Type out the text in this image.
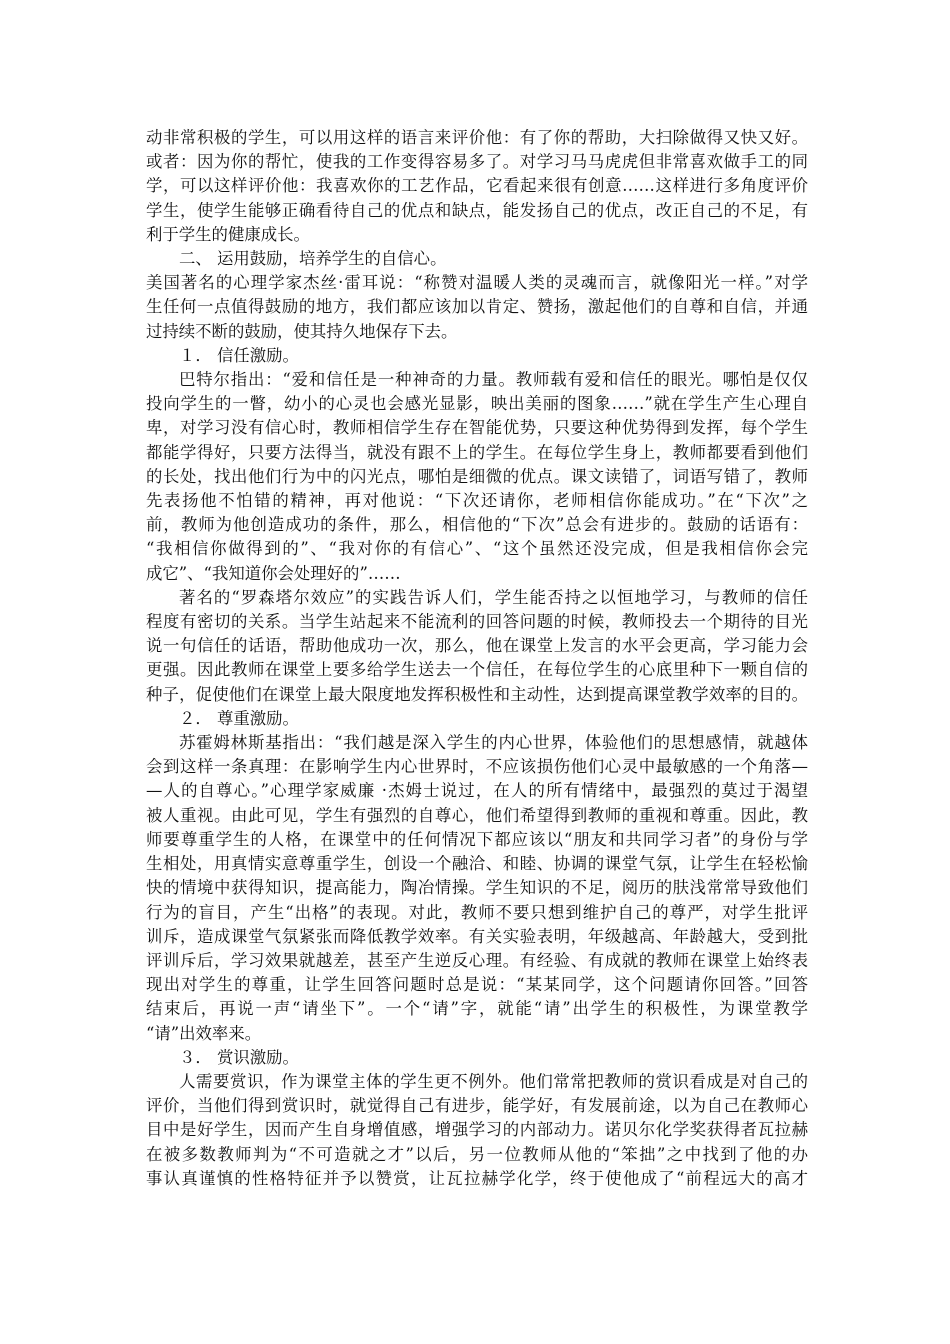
动非常积极的学生，可以用这样的语言来评价他：有了你的帮助，大扫除做得又快又好。
或者：因为你的帮忙，使我的工作变得容易多了。对学习马马虎虎但非常喜欢做手工的同
学，可以这样评价他：我喜欢你的工艺作品，它看起来很有创意……这样进行多角度评价
学生，使学生能够正确看待自己的优点和缺点，能发扬自己的优点，改正自己的不足，有
利于学生的健康成长。
二、 运用鼓励，培养学生的自信心。
美国著名的心理学家杰丝·雷耳说：“称赞对温暖人类的灵魂而言，就像阳光一样。”对学
生任何一点值得鼓励的地方，我们都应该加以肯定、赞扬，激起他们的自尊和自信，并通
过持续不断的鼓励，使其持久地保存下去。
１． 信任激励。
巴特尔指出：“爱和信任是一种神奇的力量。教师载有爱和信任的眼光。哪怕是仅仅
投向学生的一瞥，幼小的心灵也会感光显影，映出美丽的图象……”就在学生产生心理自
卑，对学习没有信心时，教师相信学生存在智能优势，只要这种优势得到发挥，每个学生
都能学得好，只要方法得当，就没有跟不上的学生。在每位学生身上，教师都要看到他们
的长处，找出他们行为中的闪光点，哪怕是细微的优点。课文读错了，词语写错了，教师
先表扬他不怕错的精神，再对他说：“下次还请你，老师相信你能成功。”在“下次”之
前，教师为他创造成功的条件，那么，相信他的“下次”总会有进步的。鼓励的话语有：
“我相信你做得到的”、“我对你的有信心”、“这个虽然还没完成，但是我相信你会完
成它”、“我知道你会处理好的”……
著名的“罗森塔尔效应”的实践告诉人们，学生能否持之以恒地学习，与教师的信任
程度有密切的关系。当学生站起来不能流利的回答问题的时候，教师投去一个期待的目光
说一句信任的话语，帮助他成功一次，那么，他在课堂上发言的水平会更高，学习能力会
更强。因此教师在课堂上要多给学生送去一个信任，在每位学生的心底里种下一颗自信的
种子，促使他们在课堂上最大限度地发挥积极性和主动性，达到提高课堂教学效率的目的。
２． 尊重激励。
苏霍姆林斯基指出：“我们越是深入学生的内心世界，体验他们的思想感情，就越体
会到这样一条真理：在影响学生内心世界时，不应该损伤他们心灵中最敏感的一个角落—
—人的自尊心。”心理学家威廉 ·杰姆士说过，在人的所有情绪中，最强烈的莫过于渴望
被人重视。由此可见，学生有强烈的自尊心，他们希望得到教师的重视和尊重。因此，教
师要尊重学生的人格，在课堂中的任何情况下都应该以“朋友和共同学习者”的身份与学
生相处，用真情实意尊重学生，创设一个融洽、和睦、协调的课堂气氛，让学生在轻松愉
快的情境中获得知识，提高能力，陶冶情操。学生知识的不足，阅历的肤浅常常导致他们
行为的盲目，产生“出格”的表现。对此，教师不要只想到维护自己的尊严，对学生批评
训斥，造成课堂气氛紧张而降低教学效率。有关实验表明，年级越高、年龄越大，受到批
评训斥后，学习效果就越差，甚至产生逆反心理。有经验、有成就的教师在课堂上始终表
现出对学生的尊重，让学生回答问题时总是说：“某某同学，这个问题请你回答。”回答
结束后，再说一声“请坐下”。一个“请”字，就能“请”出学生的积极性，为课堂教学
“请”出效率来。
３． 赏识激励。
人需要赏识，作为课堂主体的学生更不例外。他们常常把教师的赏识看成是对自己的
评价，当他们得到赏识时，就觉得自己有进步，能学好，有发展前途，以为自己在教师心
目中是好学生，因而产生自身增值感，增强学习的内部动力。诺贝尔化学奖获得者瓦拉赫
在被多数教师判为“不可造就之才”以后，另一位教师从他的“笨拙”之中找到了他的办
事认真谨慎的性格特征并予以赞赏，让瓦拉赫学化学，终于使他成了“前程远大的高才
